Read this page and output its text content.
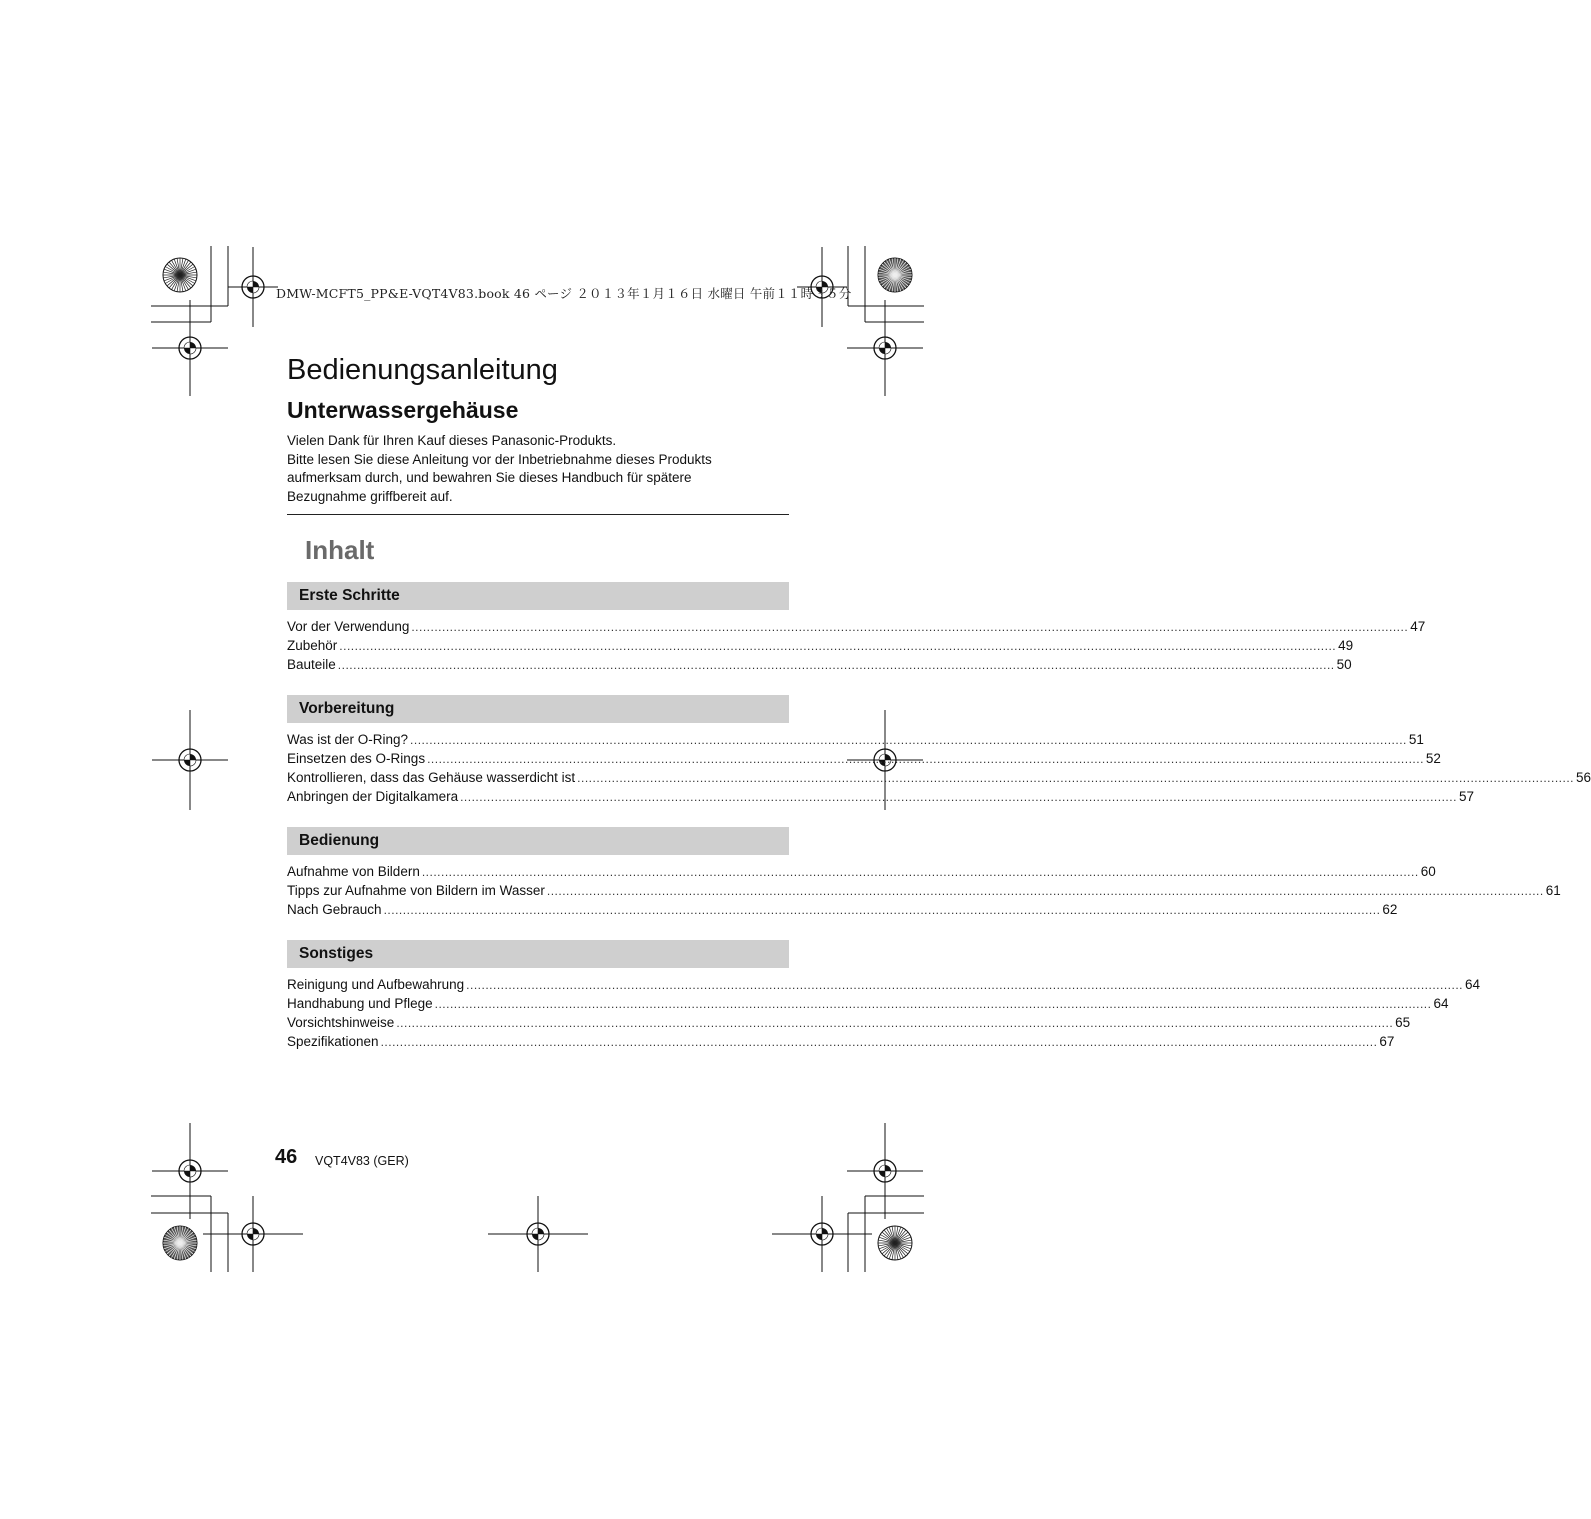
DMW-MCFT5_PP&E-VQT4V83.book 46 ページ ２０１３年１月１６日 水曜日 午前１１時３５分
Bedienungsanleitung
Unterwassergehäuse
Vielen Dank für Ihren Kauf dieses Panasonic-Produkts.
Bitte lesen Sie diese Anleitung vor der Inbetriebnahme dieses Produkts
aufmerksam durch, und bewahren Sie dieses Handbuch für spätere
Bezugnahme griffbereit auf.
Inhalt
Erste Schritte
Vor der Verwendung .................................................................................................................................................................................................................................................................... 47
Zubehör .................................................................................................................................................................................................................................................................... 49
Bauteile .................................................................................................................................................................................................................................................................... 50
Vorbereitung
Was ist der O-Ring? .................................................................................................................................................................................................................................................................... 51
Einsetzen des O-Rings .................................................................................................................................................................................................................................................................... 52
Kontrollieren, dass das Gehäuse wasserdicht ist .................................................................................................................................................................................................................................................................... 56
Anbringen der Digitalkamera .................................................................................................................................................................................................................................................................... 57
Bedienung
Aufnahme von Bildern .................................................................................................................................................................................................................................................................... 60
Tipps zur Aufnahme von Bildern im Wasser .................................................................................................................................................................................................................................................................... 61
Nach Gebrauch .................................................................................................................................................................................................................................................................... 62
Sonstiges
Reinigung und Aufbewahrung .................................................................................................................................................................................................................................................................... 64
Handhabung und Pflege .................................................................................................................................................................................................................................................................... 64
Vorsichtshinweise .................................................................................................................................................................................................................................................................... 65
Spezifikationen .................................................................................................................................................................................................................................................................... 67
46 VQT4V83 (GER)
